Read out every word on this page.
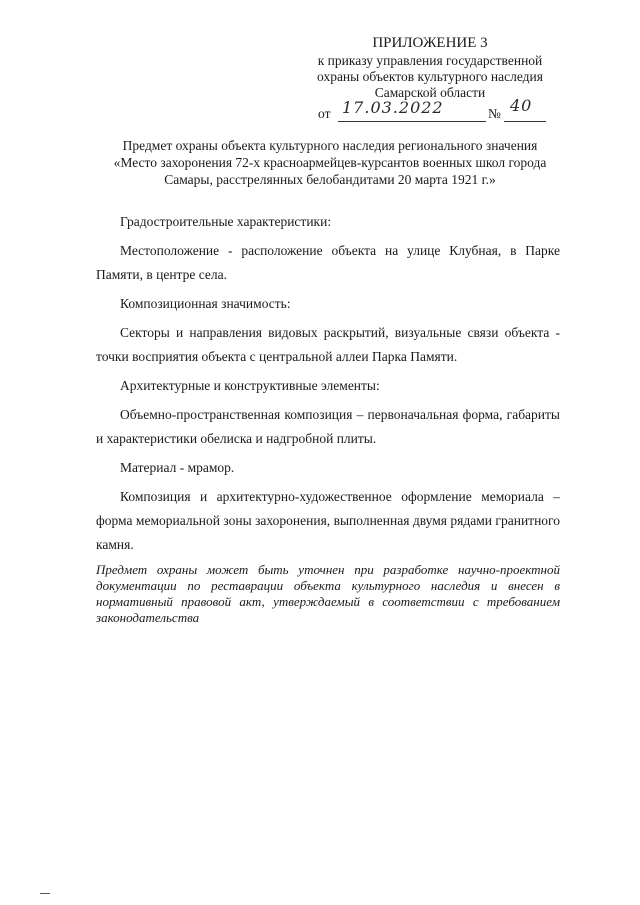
ПРИЛОЖЕНИЕ 3
к приказу управления государственной
охраны объектов культурного наследия
Самарской области
от 17.03.2022	№ 40
Предмет охраны объекта культурного наследия регионального значения
«Место захоронения 72-х красноармейцев-курсантов военных школ города
Самары, расстрелянных белобандитами 20 марта 1921 г.»

Градостроительные характеристики:

Местоположение - расположение объекта на улице Клубная, в Парке Памяти, в центре села.

Композиционная значимость:

Секторы и направления видовых раскрытий, визуальные связи объекта - точки восприятия объекта с центральной аллеи Парка Памяти.

Архитектурные и конструктивные элементы:

Объемно-пространственная композиция – первоначальная форма, габариты и характеристики обелиска и надгробной плиты.

Материал - мрамор.

Композиция и архитектурно-художественное оформление мемориала – форма мемориальной зоны захоронения, выполненная двумя рядами гранитного камня.

Предмет охраны может быть уточнен при разработке научно-проектной документации по реставрации объекта культурного наследия и внесен в нормативный правовой акт, утверждаемый в соответствии с требованием законодательства
